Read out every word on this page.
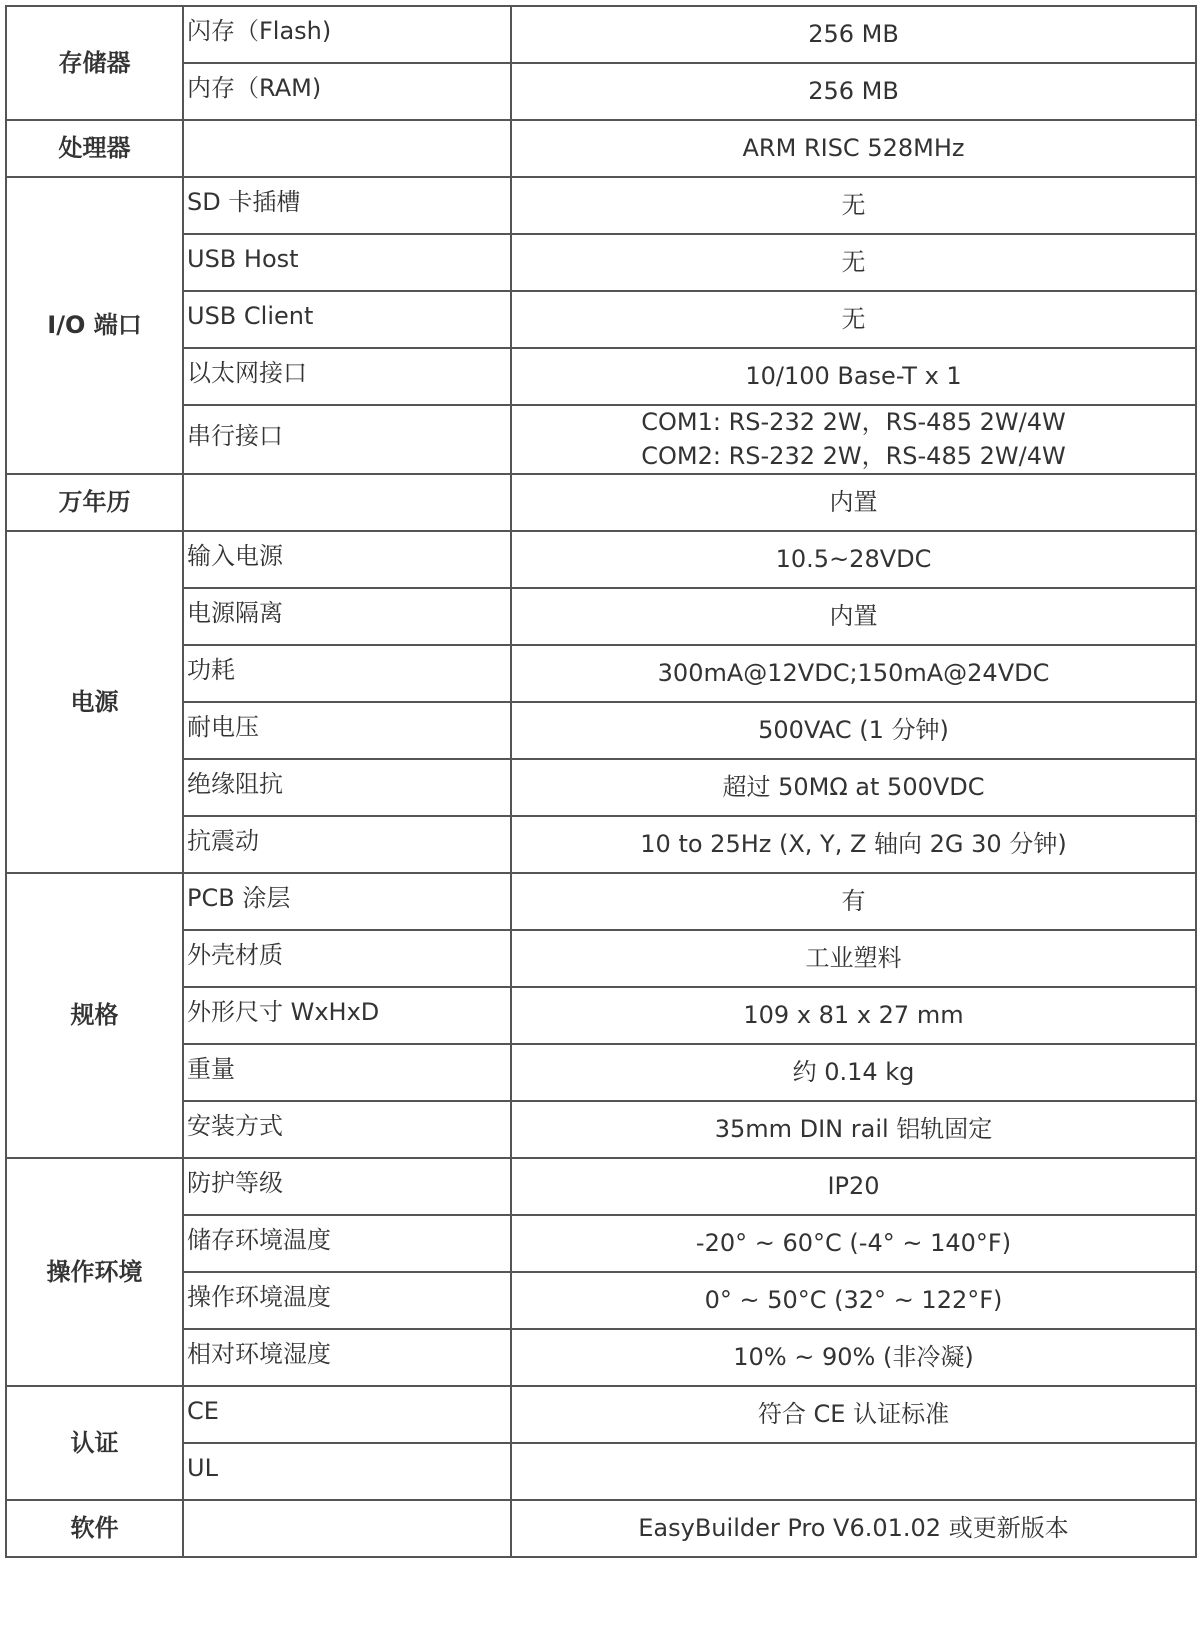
存储器	闪存（Flash)	256 MB
	内存（RAM)	256 MB
处理器		ARM RISC 528MHz
I/O 端口	SD 卡插槽	无
	USB Host	无
	USB Client	无
	以太网接口	10/100 Base-T x 1
	串行接口	COM1: RS-232 2W，RS-485 2W/4W
COM2: RS-232 2W，RS-485 2W/4W

万年历		内置
电源	输入电源	10.5~28VDC
	电源隔离	内置
	功耗	300mA@12VDC;150mA@24VDC
	耐电压	500VAC (1 分钟)
	绝缘阻抗	超过 50MΩ at 500VDC
	抗震动	10 to 25Hz (X, Y, Z 轴向 2G 30 分钟)
规格	PCB 涂层	有
	外壳材质	工业塑料
	外形尺寸 WxHxD	109 x 81 x 27 mm
	重量	约 0.14 kg
	安装方式	35mm DIN rail 铝轨固定
操作环境	防护等级	IP20
	储存环境温度	-20° ~ 60°C (-4° ~ 140°F)
	操作环境温度	0° ~ 50°C (32° ~ 122°F)
	相对环境湿度	10% ~ 90% (非冷凝)
认证	CE	符合 CE 认证标准
	UL	
软件		EasyBuilder Pro V6.01.02 或更新版本
